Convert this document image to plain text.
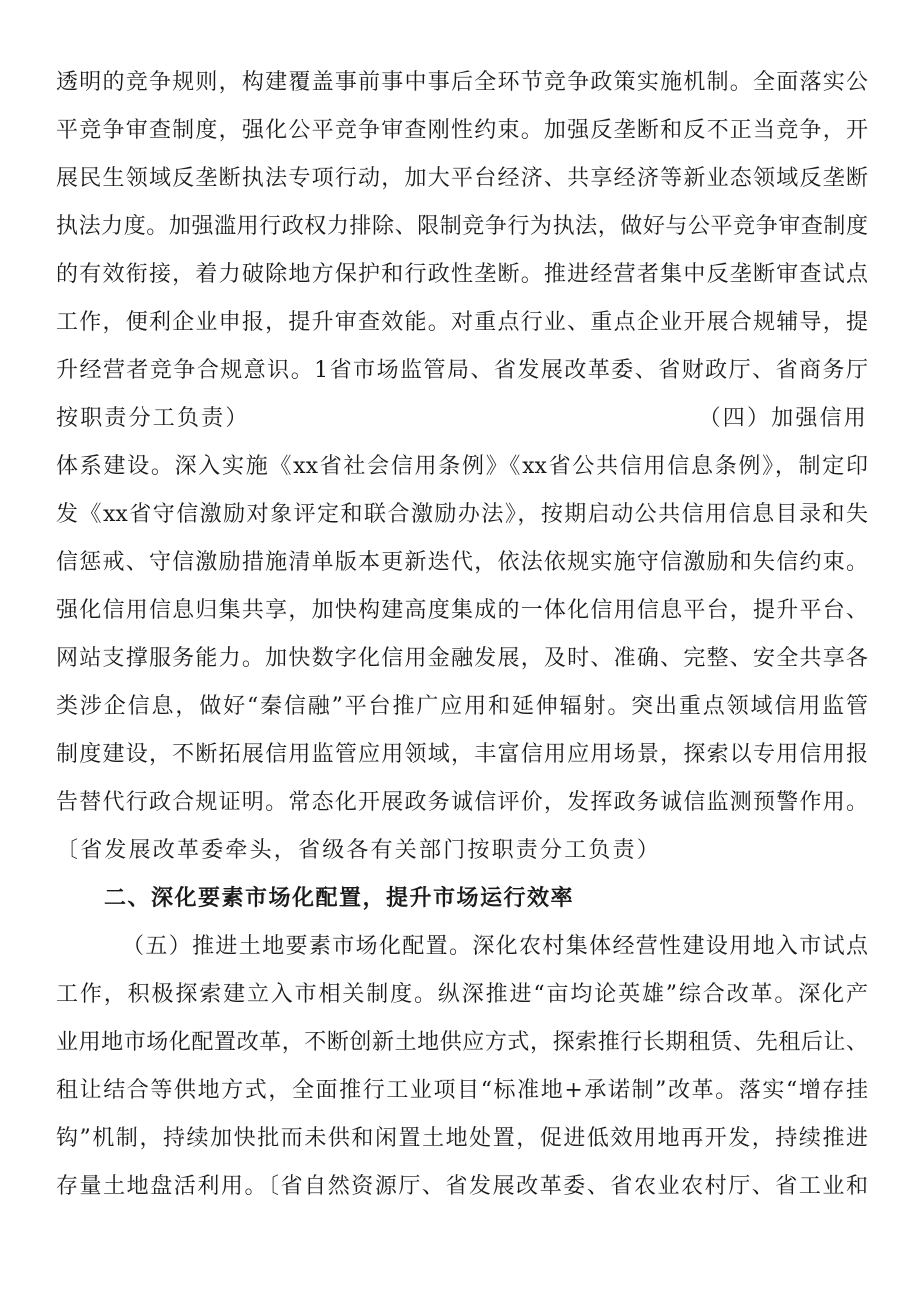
透明的竞争规则，构建覆盖事前事中事后全环节竞争政策实施机制。全面落实公
平竞争审查制度，强化公平竞争审查刚性约束。加强反垄断和反不正当竞争，开
展民生领域反垄断执法专项行动，加大平台经济、共享经济等新业态领域反垄断
执法力度。加强滥用行政权力排除、限制竞争行为执法，做好与公平竞争审查制度
的有效衔接，着力破除地方保护和行政性垄断。推进经营者集中反垄断审查试点
工作，便利企业申报，提升审查效能。对重点行业、重点企业开展合规辅导，提
升经营者竞争合规意识。1省市场监管局、省发展改革委、省财政厅、省商务厅
按职责分工负责）	（四）加强信用
体系建设。深入实施《xx省社会信用条例》《xx省公共信用信息条例》，制定印
发《xx省守信激励对象评定和联合激励办法》，按期启动公共信用信息目录和失
信惩戒、守信激励措施清单版本更新迭代，依法依规实施守信激励和失信约束。
强化信用信息归集共享，加快构建高度集成的一体化信用信息平台，提升平台、
网站支撑服务能力。加快数字化信用金融发展，及时、准确、完整、安全共享各
类涉企信息，做好“秦信融”平台推广应用和延伸辐射。突出重点领域信用监管
制度建设，不断拓展信用监管应用领域，丰富信用应用场景，探索以专用信用报
告替代行政合规证明。常态化开展政务诚信评价，发挥政务诚信监测预警作用。
〔省发展改革委牵头，省级各有关部门按职责分工负责）
二、深化要素市场化配置，提升市场运行效率
（五）推进土地要素市场化配置。深化农村集体经营性建设用地入市试点
工作，积极探索建立入市相关制度。纵深推进“亩均论英雄”综合改革。深化产
业用地市场化配置改革，不断创新土地供应方式，探索推行长期租赁、先租后让、
租让结合等供地方式，全面推行工业项目“标准地+承诺制”改革。落实“增存挂
钩”机制，持续加快批而未供和闲置土地处置，促进低效用地再开发，持续推进
存量土地盘活利用。〔省自然资源厅、省发展改革委、省农业农村厅、省工业和
